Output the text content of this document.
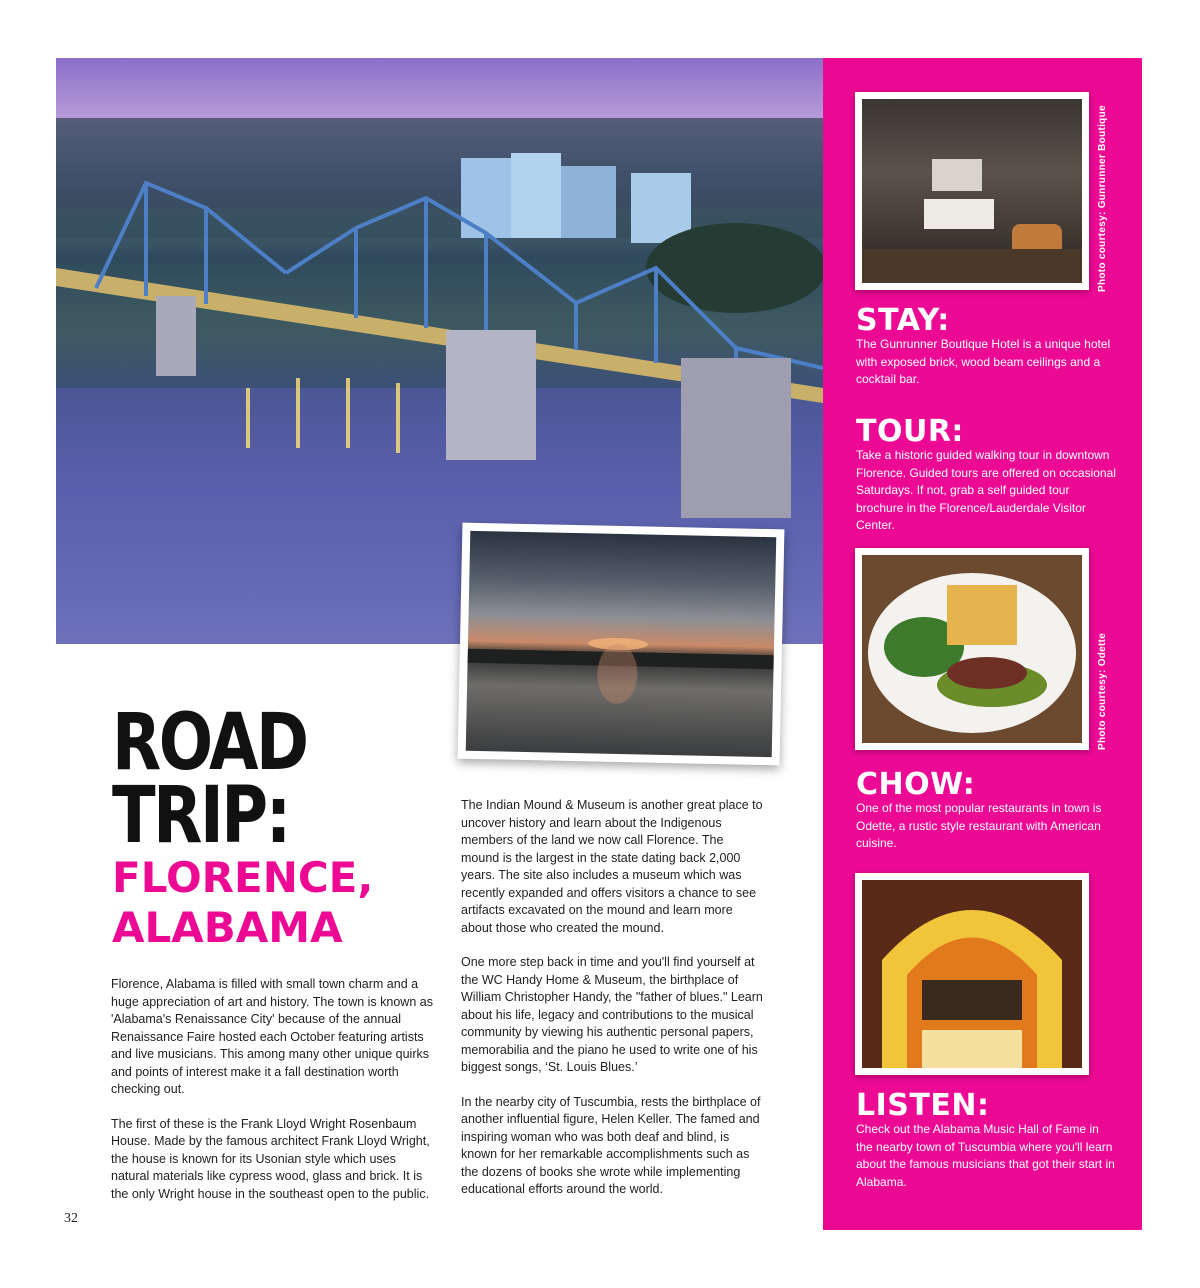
Photo courtesy: Gunrunner Boutique
STAY:
The Gunrunner Boutique Hotel is a unique hotel with exposed brick, wood beam ceilings and a cocktail bar.
TOUR:
Take a historic guided walking tour in downtown Florence. Guided tours are offered on occasional Saturdays. If not, grab a self guided tour brochure in the Florence/Lauderdale Visitor Center.
Photo courtesy: Odette
CHOW:
One of the most popular restaurants in town is Odette, a rustic style restaurant with American cuisine.
LISTEN:
Check out the Alabama Music Hall of Fame in the nearby town of Tuscumbia where you'll learn about the famous musicians that got their start in Alabama.
ROAD
TRIP:
FLORENCE,
ALABAMA

Florence, Alabama is filled with small town charm and a huge appreciation of art and history. The town is known as 'Alabama's Renaissance City' because of the annual Renaissance Faire hosted each October featuring artists and live musicians. This among many other unique quirks and points of interest make it a fall destination worth checking out.

The first of these is the Frank Lloyd Wright Rosenbaum House. Made by the famous architect Frank Lloyd Wright, the house is known for its Usonian style which uses natural materials like cypress wood, glass and brick. It is the only Wright house in the southeast open to the public.

The Indian Mound & Museum is another great place to uncover history and learn about the Indigenous members of the land we now call Florence. The mound is the largest in the state dating back 2,000 years. The site also includes a museum which was recently expanded and offers visitors a chance to see artifacts excavated on the mound and learn more about those who created the mound.

One more step back in time and you'll find yourself at the WC Handy Home & Museum, the birthplace of William Christopher Handy, the "father of blues." Learn about his life, legacy and contributions to the musical community by viewing his authentic personal papers, memorabilia and the piano he used to write one of his biggest songs, ‘St. Louis Blues.’

In the nearby city of Tuscumbia, rests the birthplace of another influential figure, Helen Keller. The famed and inspiring woman who was both deaf and blind, is known for her remarkable accomplishments such as the dozens of books she wrote while implementing educational efforts around the world.

32
